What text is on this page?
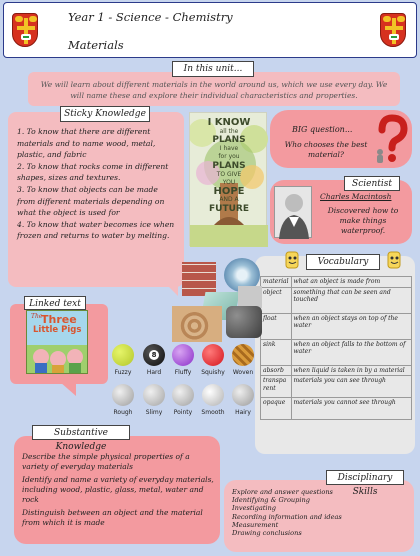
Year 1 - Science - Chemistry
Materials
We will learn about different materials in the world around us, which we use every day. We will name these and explore their individual characteristics and properties.
In this unit...
1. To know that there are different materials and to name wood, metal, plastic, and fabric
2. To know that rocks come in different shapes, sizes and textures.
3. To know that objects can be made from different materials depending on what the object is used for
4. To know that water becomes ice when frozen and returns to water by melting.
Sticky Knowledge
I KNOW
all the
PLANS
I have
for you
PLANS
TO GIVE
YOU
HOPE
AND A
FUTURE
BIG question...
Who chooses the best material?
Charles Macintosh
Discovered how to make things waterproof.
Scientist
material	what an object is made from
object	something that can be seen and touched
float	when an object stays on top of the water
sink	when an object falls to the bottom of water
absorb	when liquid is taken in by a material
transparent	materials you can see through
opaque	materials you cannot see through
Vocabulary
The
Three
Little Pigs
Linked text
8
Fuzzy	Hard	Fluffy	Squishy	Woven
Rough	Slimy	Pointy	Smooth	Hairy
Describe the simple physical properties of a variety of everyday materials
Identify and name a variety of everyday materials, including wood, plastic, glass, metal, water and rock
Distinguish between an object and the material from which it is made
Substantive Knowledge
Explore and answer questions
Identifying & Grouping
Investigating
Recording information and ideas
Measurement
Drawing conclusions
Disciplinary Skills
